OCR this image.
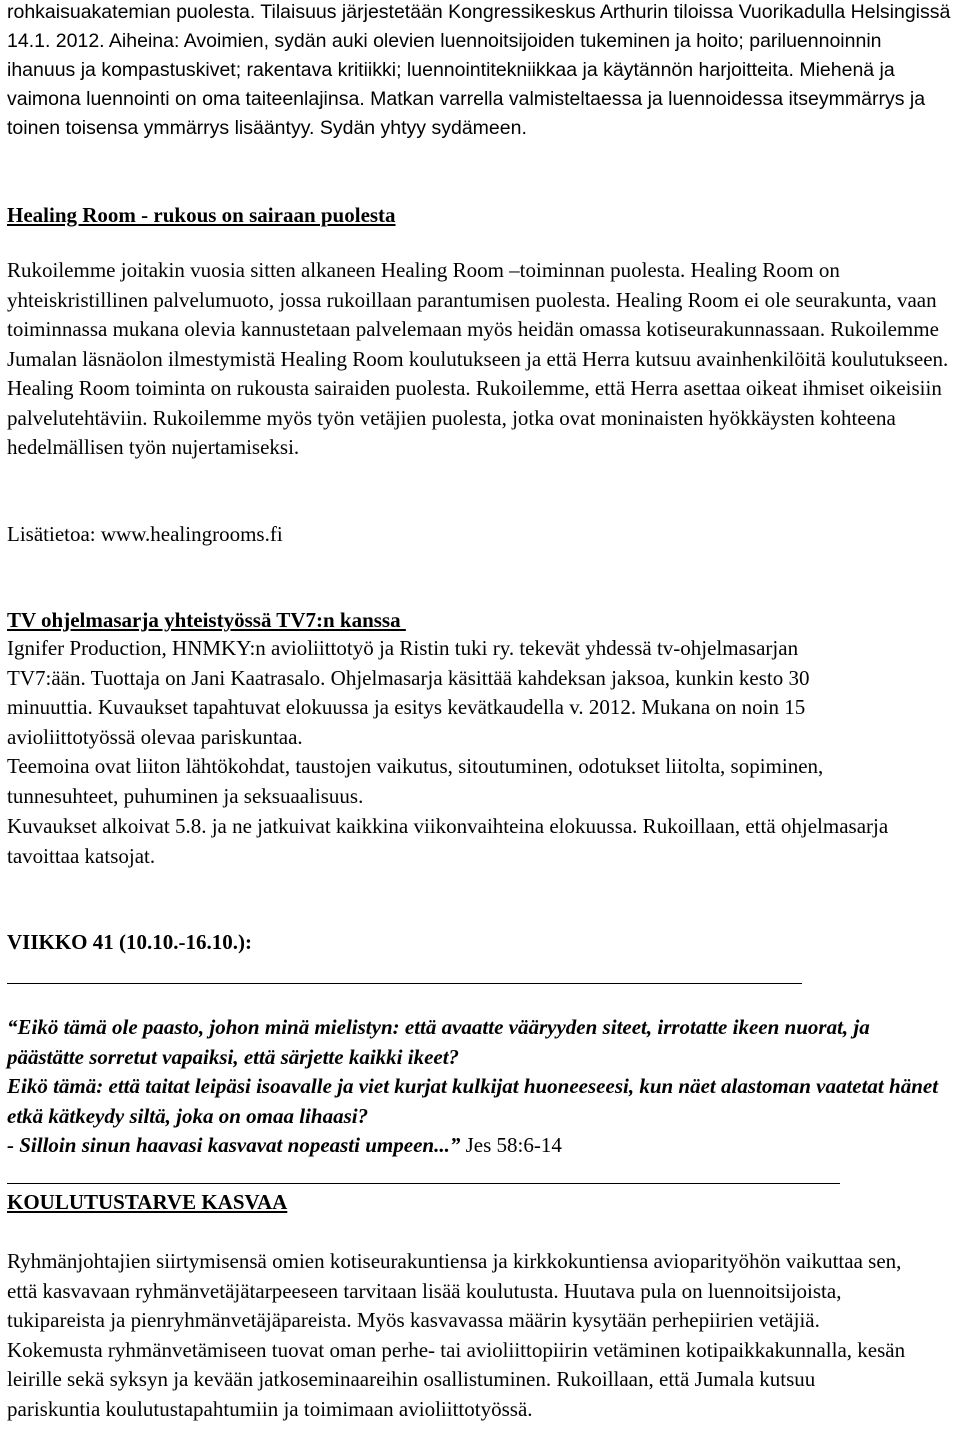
rohkaisuakatemian puolesta. Tilaisuus järjestetään Kongressikeskus Arthurin tiloissa Vuorikadulla Helsingissä 14.1. 2012. Aiheina: Avoimien, sydän auki olevien luennoitsijoiden tukeminen ja hoito; pariluennoinnin ihanuus ja kompastuskivet; rakentava kritiikki; luennointitekniikkaa ja käytännön harjoitteita. Miehenä ja vaimona luennointi on oma taiteenlajinsa. Matkan varrella valmisteltaessa ja luennoidessa itseymmärrys ja toinen toisensa ymmärrys lisääntyy. Sydän yhtyy sydämeen.

Healing Room - rukous on sairaan puolesta

Rukoilemme joitakin vuosia sitten alkaneen Healing Room –toiminnan puolesta. Healing Room on yhteiskristillinen palvelumuoto, jossa rukoillaan parantumisen puolesta. Healing Room ei ole seurakunta, vaan toiminnassa mukana olevia kannustetaan palvelemaan myös heidän omassa kotiseurakunnassaan. Rukoilemme Jumalan läsnäolon ilmestymistä Healing Room koulutukseen ja että Herra kutsuu avainhenkilöitä koulutukseen. Healing Room toiminta on rukousta sairaiden puolesta. Rukoilemme, että Herra asettaa oikeat ihmiset oikeisiin palvelutehtäviin. Rukoilemme myös työn vetäjien puolesta, jotka ovat moninaisten hyökkäysten kohteena hedelmällisen työn nujertamiseksi.

Lisätietoa: www.healingrooms.fi

TV ohjelmasarja yhteistyössä TV7:n kanssa

Ignifer Production, HNMKY:n avioliittotyö ja Ristin tuki ry. tekevät yhdessä tv-ohjelmasarjan TV7:ään. Tuottaja on Jani Kaatrasalo. Ohjelmasarja käsittää kahdeksan jaksoa, kunkin kesto 30 minuuttia. Kuvaukset tapahtuvat elokuussa ja esitys kevätkaudella v. 2012. Mukana on noin 15 avioliittotyössä olevaa pariskuntaa.

Teemoina ovat liiton lähtökohdat, taustojen vaikutus, sitoutuminen, odotukset liitolta, sopiminen, tunnesuhteet, puhuminen ja seksuaalisuus.

Kuvaukset alkoivat 5.8. ja ne jatkuivat kaikkina viikonvaihteina elokuussa. Rukoillaan, että ohjelmasarja tavoittaa katsojat.

VIIKKO 41 (10.10.-16.10.):

“Eikö tämä ole paasto, johon minä mielistyn: että avaatte vääryyden siteet, irrotatte ikeen nuorat, ja päästätte sorretut vapaiksi, että särjette kaikki ikeet?

Eikö tämä: että taitat leipäsi isoavalle ja viet kurjat kulkijat huoneeseesi, kun näet alastoman vaatetat hänet etkä kätkeydy siltä, joka on omaa lihaasi?

- Silloin sinun haavasi kasvavat nopeasti umpeen...” Jes 58:6-14

KOULUTUSTARVE KASVAA

Ryhmänjohtajien siirtymisensä omien kotiseurakuntiensa ja kirkkokuntiensa avioparityöhön vaikuttaa sen, että kasvavaan ryhmänvetäjätarpeeseen tarvitaan lisää koulutusta. Huutava pula on luennoitsijoista, tukipareista ja pienryhmänvetäjäpareista. Myös kasvavassa määrin kysytään perhepiirien vetäjiä. Kokemusta ryhmänvetämiseen tuovat oman perhe- tai avioliittopiirin vetäminen kotipaikkakunnalla, kesän leirille sekä syksyn ja kevään jatkoseminaareihin osallistuminen. Rukoillaan, että Jumala kutsuu pariskuntia koulutustapahtumiin ja toimimaan avioliittotyössä.
